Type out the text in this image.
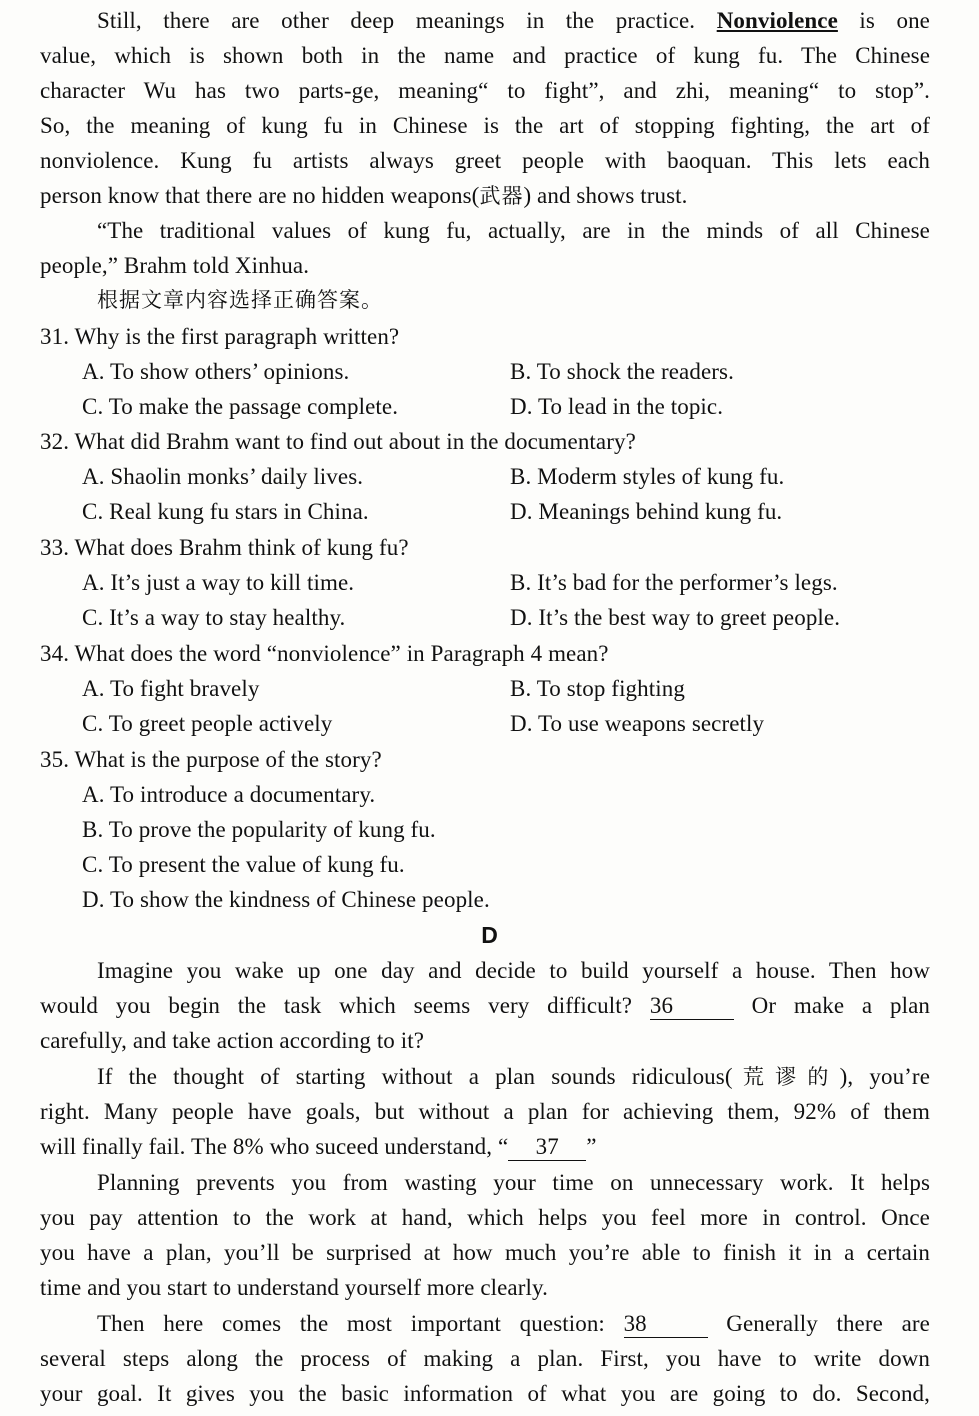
Still, there are other deep meanings in the practice. Nonviolence is one
value, which is shown both in the name and practice of kung fu. The Chinese
character Wu has two parts-ge, meaning“ to fight”, and zhi, meaning“ to stop”.
So, the meaning of kung fu in Chinese is the art of stopping fighting, the art of
nonviolence. Kung fu artists always greet people with baoquan. This lets each
person know that there are no hidden weapons(武器) and shows trust.
“The traditional values of kung fu, actually, are in the minds of all Chinese
people,” Brahm told Xinhua.
根据文章内容选择正确答案。
31. Why is the first paragraph written?
A. To show others’ opinions.	B. To shock the readers.
C. To make the passage complete.	D. To lead in the topic.
32. What did Brahm want to find out about in the documentary?
A. Shaolin monks’ daily lives.	B. Moderm styles of kung fu.
C. Real kung fu stars in China.	D. Meanings behind kung fu.
33. What does Brahm think of kung fu?
A. It’s just a way to kill time.	B. It’s bad for the performer’s legs.
C. It’s a way to stay healthy.	D. It’s the best way to greet people.
34. What does the word “nonviolence” in Paragraph 4 mean?
A. To fight bravely	B. To stop fighting
C. To greet people actively	D. To use weapons secretly
35. What is the purpose of the story?
A. To introduce a documentary.
B. To prove the popularity of kung fu.
C. To present the value of kung fu.
D. To show the kindness of Chinese people.
D
Imagine you wake up one day and decide to build yourself a house. Then how
would you begin the task which seems very difficult? 36	Or make a plan
carefully, and take action according to it?
If the thought of starting without a plan sounds ridiculous(荒谬的), you’re
right. Many people have goals, but without a plan for achieving them, 92% of them
will finally fail. The 8% who suceed understand, “ 37 ”
Planning prevents you from wasting your time on unnecessary work. It helps
you pay attention to the work at hand, which helps you feel more in control. Once
you have a plan, you’ll be surprised at how much you’re able to finish it in a certain
time and you start to understand yourself more clearly.
Then here comes the most important question: 38	Generally there are
several steps along the process of making a plan. First, you have to write down
your goal. It gives you the basic information of what you are going to do. Second,
